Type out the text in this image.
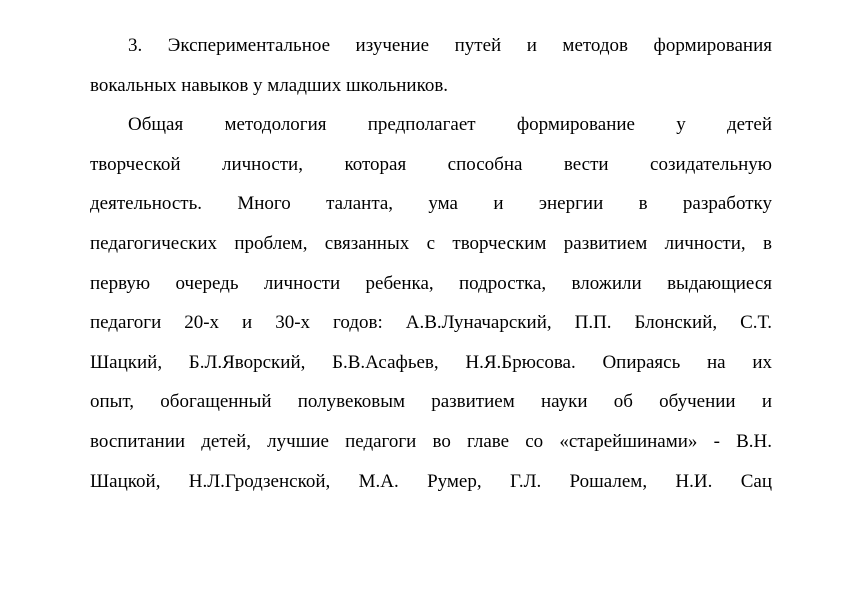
3. Экспериментальное изучение путей и методов формирования
вокальных навыков у младших школьников.
Общая методология предполагает формирование у детей
творческой личности, которая способна вести созидательную
деятельность. Много таланта, ума и энергии в разработку
педагогических проблем, связанных с творческим развитием личности, в
первую очередь личности ребенка, подростка, вложили выдающиеся
педагоги 20-х и 30-х годов: А.В.Луначарский, П.П. Блонский, С.Т.
Шацкий, Б.Л.Яворский, Б.В.Асафьев, Н.Я.Брюсова. Опираясь на их
опыт, обогащенный полувековым развитием науки об обучении и
воспитании детей, лучшие педагоги во главе со «старейшинами» - В.Н.
Шацкой, Н.Л.Гродзенской, М.А. Румер, Г.Л. Рошалем, Н.И. Сац
